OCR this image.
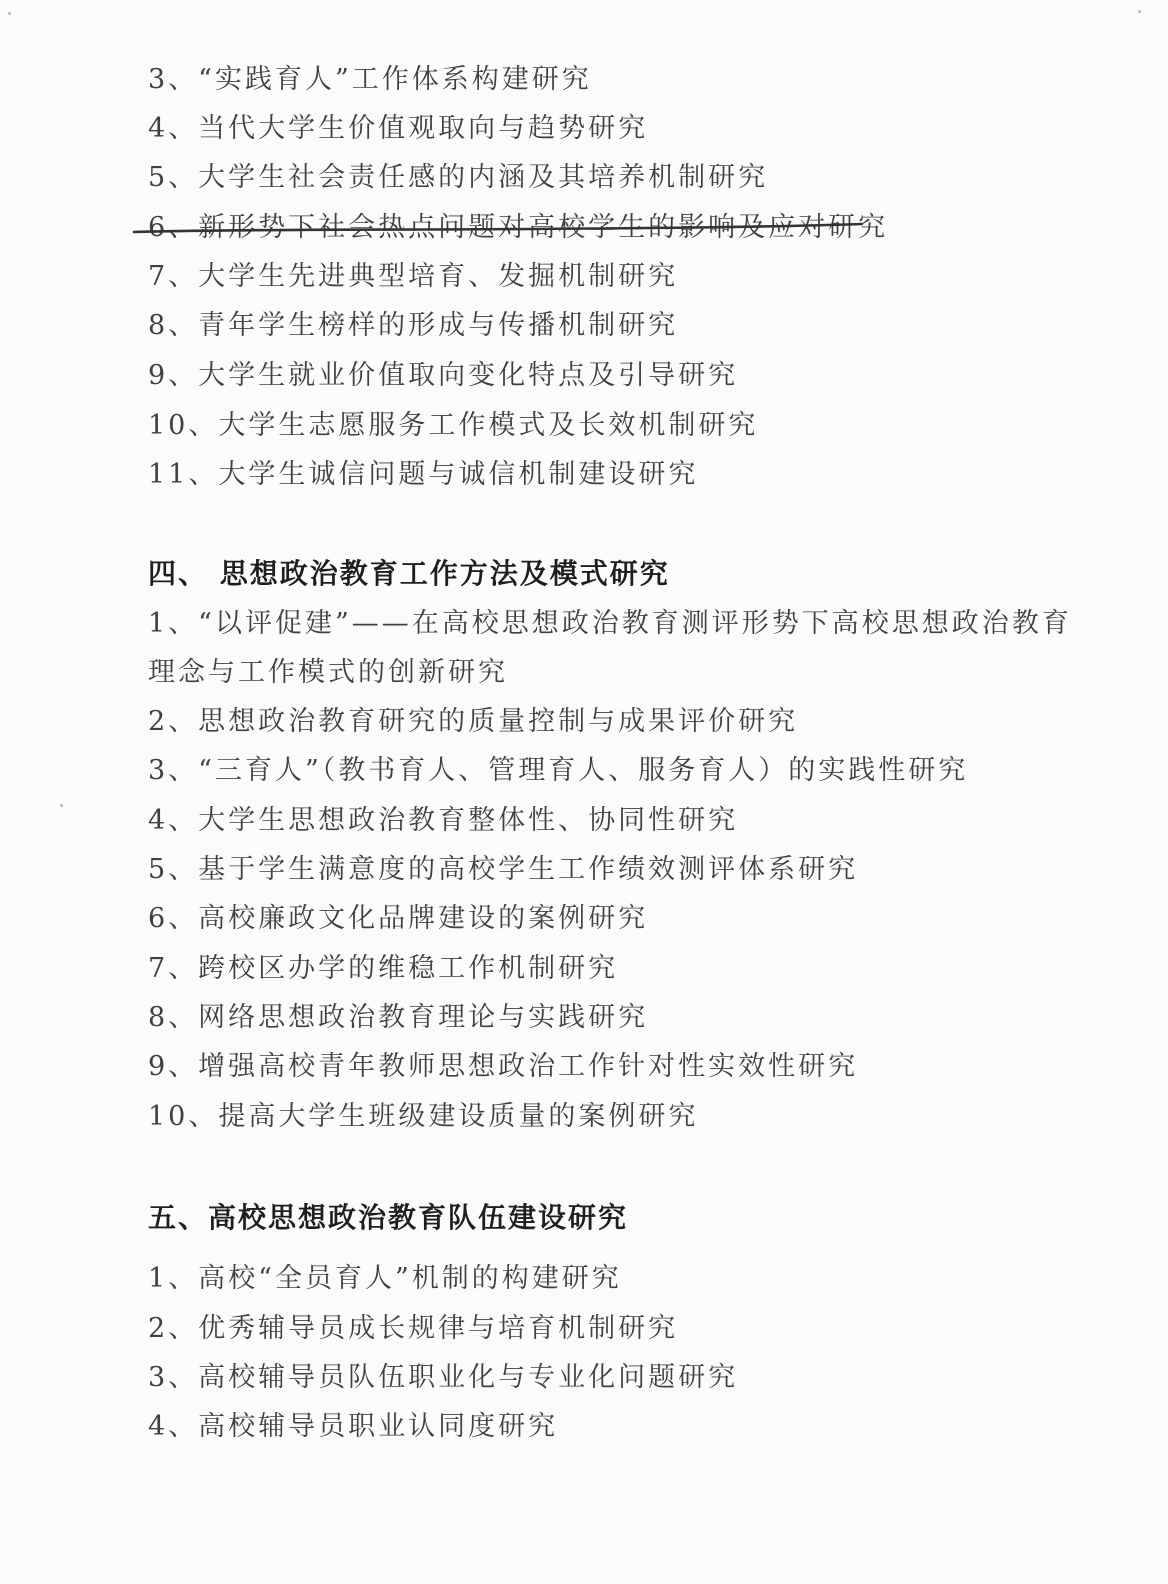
3、“实践育人”工作体系构建研究
4、当代大学生价值观取向与趋势研究
5、大学生社会责任感的内涵及其培养机制研究
6、新形势下社会热点问题对高校学生的影响及应对研究
7、大学生先进典型培育、发掘机制研究
8、青年学生榜样的形成与传播机制研究
9、大学生就业价值取向变化特点及引导研究
10、大学生志愿服务工作模式及长效机制研究
11、大学生诚信问题与诚信机制建设研究
四、 思想政治教育工作方法及模式研究
1、“以评促建”——在高校思想政治教育测评形势下高校思想政治教育
理念与工作模式的创新研究
2、思想政治教育研究的质量控制与成果评价研究
3、“三育人”（教书育人、管理育人、服务育人）的实践性研究
4、大学生思想政治教育整体性、协同性研究
5、基于学生满意度的高校学生工作绩效测评体系研究
6、高校廉政文化品牌建设的案例研究
7、跨校区办学的维稳工作机制研究
8、网络思想政治教育理论与实践研究
9、增强高校青年教师思想政治工作针对性实效性研究
10、提高大学生班级建设质量的案例研究
五、高校思想政治教育队伍建设研究
1、高校“全员育人”机制的构建研究
2、优秀辅导员成长规律与培育机制研究
3、高校辅导员队伍职业化与专业化问题研究
4、高校辅导员职业认同度研究
